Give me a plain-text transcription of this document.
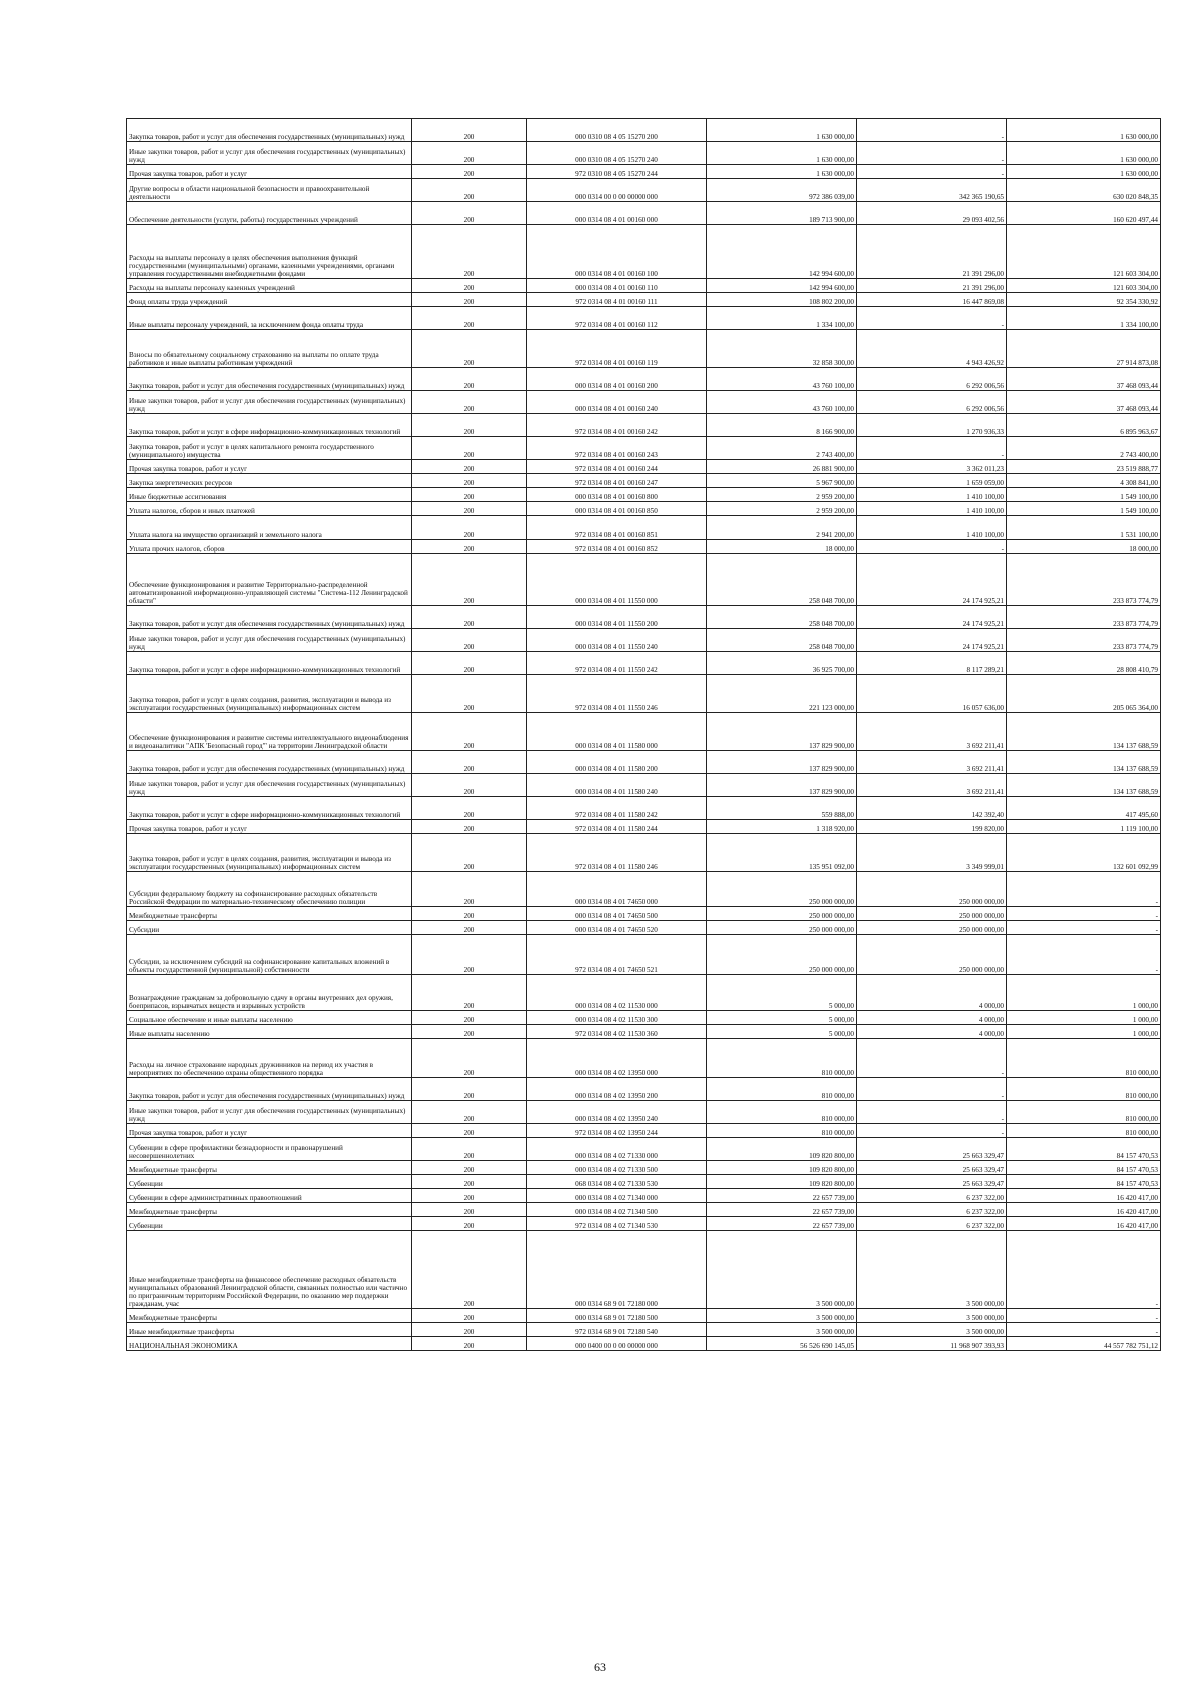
Закупка товаров, работ и услуг для обеспечения государственных (муниципальных) нужд	200	000 0310 08 4 05 15270 200	1 630 000,00	-	1 630 000,00
Иные закупки товаров, работ и услуг для обеспечения государственных (муниципальных) нужд	200	000 0310 08 4 05 15270 240	1 630 000,00	-	1 630 000,00
Прочая закупка товаров, работ и услуг	200	972 0310 08 4 05 15270 244	1 630 000,00	-	1 630 000,00
Другие вопросы в области национальной безопасности и правоохранительной деятельности	200	000 0314 00 0 00 00000 000	972 386 039,00	342 365 190,65	630 020 848,35
Обеспечение деятельности (услуги, работы) государственных учреждений	200	000 0314 08 4 01 00160 000	189 713 900,00	29 093 402,56	160 620 497,44
Расходы на выплаты персоналу в целях обеспечения выполнения функций государственными (муниципальными) органами, казенными учреждениями, органами управления государственными внебюджетными фондами	200	000 0314 08 4 01 00160 100	142 994 600,00	21 391 296,00	121 603 304,00
Расходы на выплаты персоналу казенных учреждений	200	000 0314 08 4 01 00160 110	142 994 600,00	21 391 296,00	121 603 304,00
Фонд оплаты труда учреждений	200	972 0314 08 4 01 00160 111	108 802 200,00	16 447 869,08	92 354 330,92
Иные выплаты персоналу учреждений, за исключением фонда оплаты труда	200	972 0314 08 4 01 00160 112	1 334 100,00	-	1 334 100,00
Взносы по обязательному социальному страхованию на выплаты по оплате труда работников и иные выплаты работникам учреждений	200	972 0314 08 4 01 00160 119	32 858 300,00	4 943 426,92	27 914 873,08
Закупка товаров, работ и услуг для обеспечения государственных (муниципальных) нужд	200	000 0314 08 4 01 00160 200	43 760 100,00	6 292 006,56	37 468 093,44
Иные закупки товаров, работ и услуг для обеспечения государственных (муниципальных) нужд	200	000 0314 08 4 01 00160 240	43 760 100,00	6 292 006,56	37 468 093,44
Закупка товаров, работ и услуг в сфере информационно-коммуникационных технологий	200	972 0314 08 4 01 00160 242	8 166 900,00	1 270 936,33	6 895 963,67
Закупка товаров, работ и услуг в целях капитального ремонта государственного (муниципального) имущества	200	972 0314 08 4 01 00160 243	2 743 400,00	-	2 743 400,00
Прочая закупка товаров, работ и услуг	200	972 0314 08 4 01 00160 244	26 881 900,00	3 362 011,23	23 519 888,77
Закупка энергетических ресурсов	200	972 0314 08 4 01 00160 247	5 967 900,00	1 659 059,00	4 308 841,00
Иные бюджетные ассигнования	200	000 0314 08 4 01 00160 800	2 959 200,00	1 410 100,00	1 549 100,00
Уплата налогов, сборов и иных платежей	200	000 0314 08 4 01 00160 850	2 959 200,00	1 410 100,00	1 549 100,00
Уплата налога на имущество организаций и земельного налога	200	972 0314 08 4 01 00160 851	2 941 200,00	1 410 100,00	1 531 100,00
Уплата прочих налогов, сборов	200	972 0314 08 4 01 00160 852	18 000,00	-	18 000,00
Обеспечение функционирования и развитие Территориально-распределенной автоматизированной информационно-управляющей системы "Система-112 Ленинградской области"	200	000 0314 08 4 01 11550 000	258 048 700,00	24 174 925,21	233 873 774,79
Закупка товаров, работ и услуг для обеспечения государственных (муниципальных) нужд	200	000 0314 08 4 01 11550 200	258 048 700,00	24 174 925,21	233 873 774,79
Иные закупки товаров, работ и услуг для обеспечения государственных (муниципальных) нужд	200	000 0314 08 4 01 11550 240	258 048 700,00	24 174 925,21	233 873 774,79
Закупка товаров, работ и услуг в сфере информационно-коммуникационных технологий	200	972 0314 08 4 01 11550 242	36 925 700,00	8 117 289,21	28 808 410,79
Закупка товаров, работ и услуг в целях создания, развития, эксплуатации и вывода из эксплуатации государственных (муниципальных) информационных систем	200	972 0314 08 4 01 11550 246	221 123 000,00	16 057 636,00	205 065 364,00
Обеспечение функционирования и развитие системы интеллектуального видеонаблюдения и видеоаналитики "АПК 'Безопасный город'" на территории Ленинградской области	200	000 0314 08 4 01 11580 000	137 829 900,00	3 692 211,41	134 137 688,59
Закупка товаров, работ и услуг для обеспечения государственных (муниципальных) нужд	200	000 0314 08 4 01 11580 200	137 829 900,00	3 692 211,41	134 137 688,59
Иные закупки товаров, работ и услуг для обеспечения государственных (муниципальных) нужд	200	000 0314 08 4 01 11580 240	137 829 900,00	3 692 211,41	134 137 688,59
Закупка товаров, работ и услуг в сфере информационно-коммуникационных технологий	200	972 0314 08 4 01 11580 242	559 888,00	142 392,40	417 495,60
Прочая закупка товаров, работ и услуг	200	972 0314 08 4 01 11580 244	1 318 920,00	199 820,00	1 119 100,00
Закупка товаров, работ и услуг в целях создания, развития, эксплуатации и вывода из эксплуатации государственных (муниципальных) информационных систем	200	972 0314 08 4 01 11580 246	135 951 092,00	3 349 999,01	132 601 092,99
Субсидии федеральному бюджету на софинансирование расходных обязательств Российской Федерации по материально-техническому обеспечению полиции	200	000 0314 08 4 01 74650 000	250 000 000,00	250 000 000,00	-
Межбюджетные трансферты	200	000 0314 08 4 01 74650 500	250 000 000,00	250 000 000,00	-
Субсидии	200	000 0314 08 4 01 74650 520	250 000 000,00	250 000 000,00	-
Субсидии, за исключением субсидий на софинансирование капитальных вложений в объекты государственной (муниципальной) собственности	200	972 0314 08 4 01 74650 521	250 000 000,00	250 000 000,00	-
Вознаграждение гражданам за добровольную сдачу в органы внутренних дел оружия, боеприпасов, взрывчатых веществ и взрывных устройств	200	000 0314 08 4 02 11530 000	5 000,00	4 000,00	1 000,00
Социальное обеспечение и иные выплаты населению	200	000 0314 08 4 02 11530 300	5 000,00	4 000,00	1 000,00
Иные выплаты населению	200	972 0314 08 4 02 11530 360	5 000,00	4 000,00	1 000,00
Расходы на личное страхование народных дружинников на период их участия в мероприятиях по обеспечению охраны общественного порядка	200	000 0314 08 4 02 13950 000	810 000,00	-	810 000,00
Закупка товаров, работ и услуг для обеспечения государственных (муниципальных) нужд	200	000 0314 08 4 02 13950 200	810 000,00	-	810 000,00
Иные закупки товаров, работ и услуг для обеспечения государственных (муниципальных) нужд	200	000 0314 08 4 02 13950 240	810 000,00	-	810 000,00
Прочая закупка товаров, работ и услуг	200	972 0314 08 4 02 13950 244	810 000,00	-	810 000,00
Субвенции в сфере профилактики безнадзорности и правонарушений несовершеннолетних	200	000 0314 08 4 02 71330 000	109 820 800,00	25 663 329,47	84 157 470,53
Межбюджетные трансферты	200	000 0314 08 4 02 71330 500	109 820 800,00	25 663 329,47	84 157 470,53
Субвенции	200	068 0314 08 4 02 71330 530	109 820 800,00	25 663 329,47	84 157 470,53
Субвенции в сфере административных правоотношений	200	000 0314 08 4 02 71340 000	22 657 739,00	6 237 322,00	16 420 417,00
Межбюджетные трансферты	200	000 0314 08 4 02 71340 500	22 657 739,00	6 237 322,00	16 420 417,00
Субвенции	200	972 0314 08 4 02 71340 530	22 657 739,00	6 237 322,00	16 420 417,00
Иные межбюджетные трансферты на финансовое обеспечение расходных обязательств муниципальных образований Ленинградской области, связанных полностью или частично по приграничным территориям Российской Федерации, по оказанию мер поддержки гражданам, учас	200	000 0314 68 9 01 72180 000	3 500 000,00	3 500 000,00	-
Межбюджетные трансферты	200	000 0314 68 9 01 72180 500	3 500 000,00	3 500 000,00	-
Иные межбюджетные трансферты	200	972 0314 68 9 01 72180 540	3 500 000,00	3 500 000,00	-
НАЦИОНАЛЬНАЯ ЭКОНОМИКА	200	000 0400 00 0 00 00000 000	56 526 690 145,05	11 968 907 393,93	44 557 782 751,12
63
